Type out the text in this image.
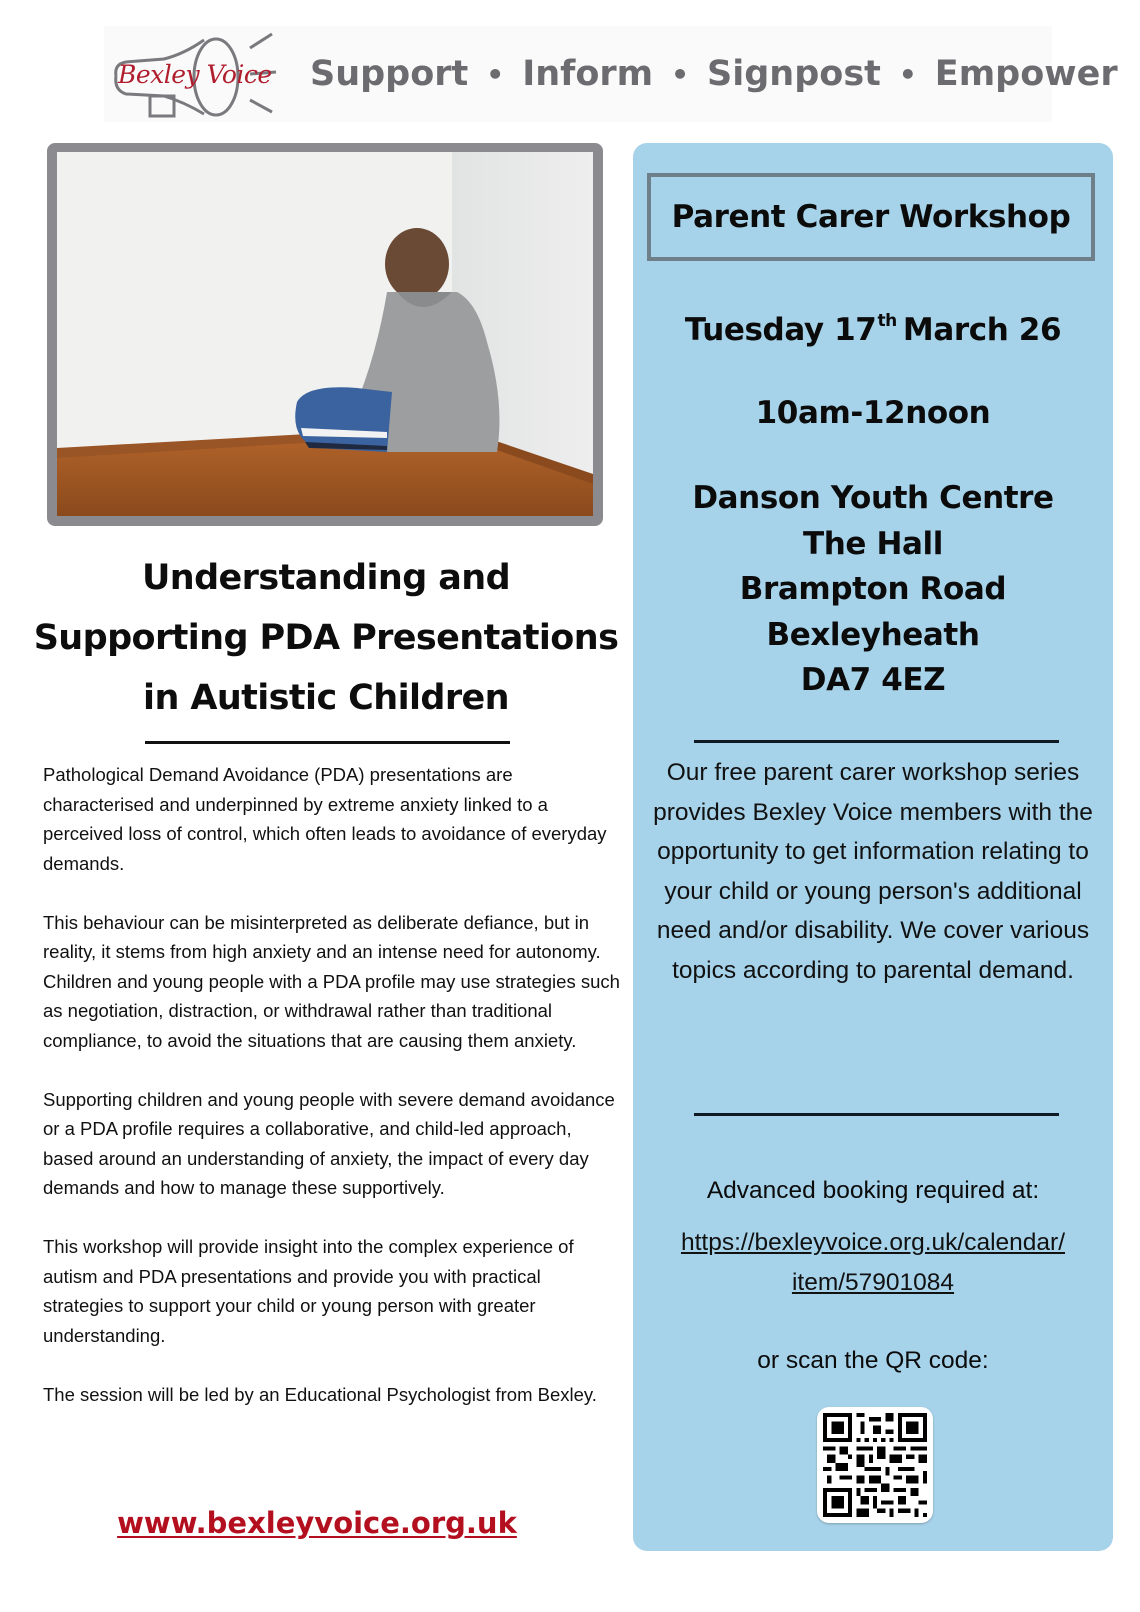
Bexley Voice Support • Inform • Signpost • Empower
Understanding and
Supporting PDA Presentations
in Autistic Children

Pathological Demand Avoidance (PDA) presentations are characterised and underpinned by extreme anxiety linked to a perceived loss of control, which often leads to avoidance of everyday demands.

This behaviour can be misinterpreted as deliberate defiance, but in reality, it stems from high anxiety and an intense need for autonomy. Children and young people with a PDA profile may use strategies such as negotiation, distraction, or withdrawal rather than traditional compliance, to avoid the situations that are causing them anxiety.

Supporting children and young people with severe demand avoidance or a PDA profile requires a collaborative, and child-led approach, based around an understanding of anxiety, the impact of every day demands and how to manage these supportively.

This workshop will provide insight into the complex experience of autism and PDA presentations and provide you with practical strategies to support your child or young person with greater understanding.

The session will be led by an Educational Psychologist from Bexley.

www.bexleyvoice.org.uk
Parent Carer Workshop
Tuesday 17th March 26
10am-12noon
Danson Youth Centre
The Hall
Brampton Road
Bexleyheath
DA7 4EZ
Our free parent carer workshop series provides Bexley Voice members with the opportunity to get information relating to your child or young person's additional need and/or disability. We cover various topics according to parental demand.
Advanced booking required at:
https://bexleyvoice.org.uk/calendar/
item/57901084
or scan the QR code:
